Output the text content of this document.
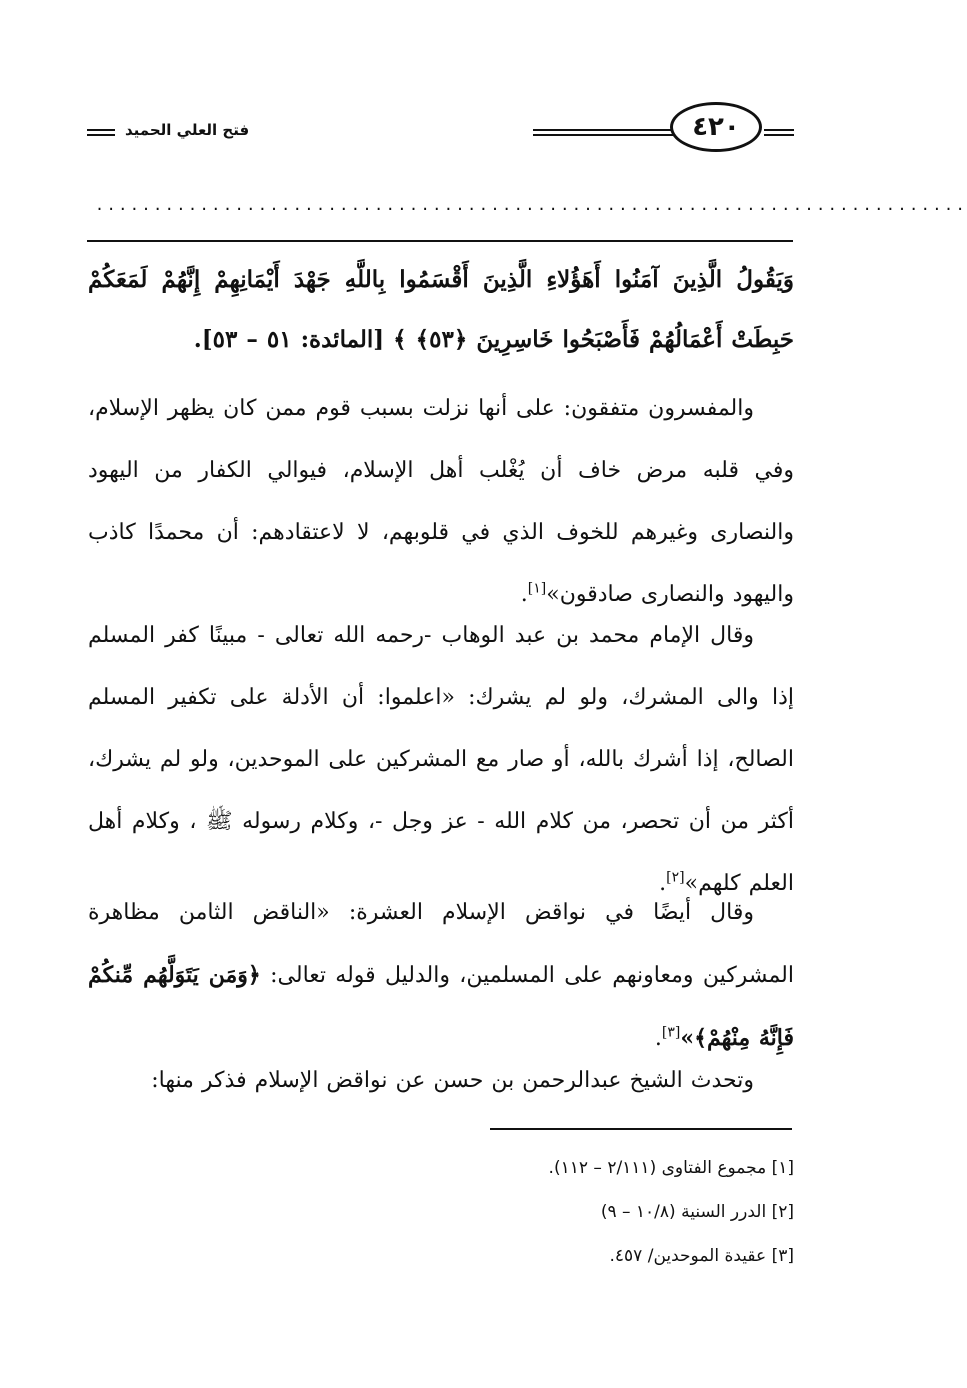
فتح العلي الحميد	٤٢٠
...........................................................................
وَيَقُولُ الَّذِينَ آمَنُوا أَهَؤُلاءِ الَّذِينَ أَقْسَمُوا بِاللَّهِ جَهْدَ أَيْمَانِهِمْ إِنَّهُمْ لَمَعَكُمْ حَبِطَتْ أَعْمَالُهُمْ فَأَصْبَحُوا خَاسِرِينَ ﴿٥٣﴾ ﴾ [المائدة: ٥١ – ٥٣].
والمفسرون متفقون: على أنها نزلت بسبب قوم ممن كان يظهر الإسلام، وفي قلبه مرض خاف أن يُغْلب أهل الإسلام، فيوالي الكفار من اليهود والنصارى وغيرهم للخوف الذي في قلوبهم، لا لاعتقادهم: أن محمدًا كاذب واليهود والنصارى صادقون»[١].
وقال الإمام محمد بن عبد الوهاب -رحمه الله تعالى - مبينًا كفر المسلم إذا والى المشرك، ولو لم يشرك: «اعلموا: أن الأدلة على تكفير المسلم الصالح، إذا أشرك بالله، أو صار مع المشركين على الموحدين، ولو لم يشرك، أكثر من أن تحصر، من كلام الله - عز وجل -، وكلام رسوله ﷺ ، وكلام أهل العلم كلهم»[٢].
وقال أيضًا في نواقض الإسلام العشرة: «الناقض الثامن مظاهرة المشركين ومعاونهم على المسلمين، والدليل قوله تعالى: ﴿وَمَن يَتَوَلَّهُم مِّنكُمْ فَإِنَّهُ مِنْهُمْ﴾»[٣].
وتحدث الشيخ عبدالرحمن بن حسن عن نواقض الإسلام فذكر منها:
[١] مجموع الفتاوى (٢/١١١ – ١١٢).
[٢] الدرر السنية (١٠/٨ – ٩)
[٣] عقيدة الموحدين/ ٤٥٧.
